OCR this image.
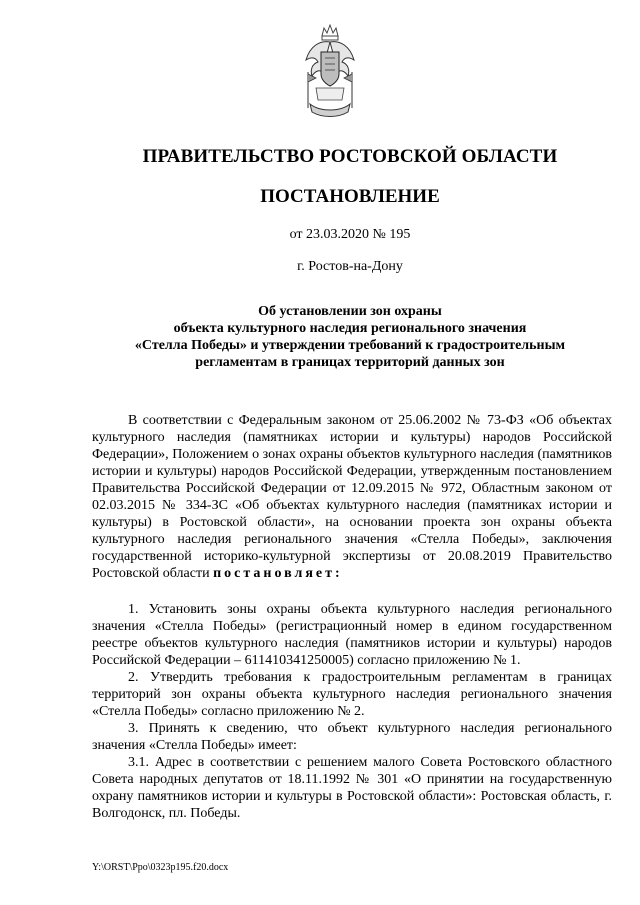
ПРАВИТЕЛЬСТВО РОСТОВСКОЙ ОБЛАСТИ
ПОСТАНОВЛЕНИЕ
от 23.03.2020 № 195
г. Ростов-на-Дону
Об установлении зон охраны
объекта культурного наследия регионального значения
«Стелла Победы» и утверждении требований к градостроительным
регламентам в границах территорий данных зон

В соответствии с Федеральным законом от 25.06.2002 № 73-ФЗ «Об объектах культурного наследия (памятниках истории и культуры) народов Российской Федерации», Положением о зонах охраны объектов культурного наследия (памятников истории и культуры) народов Российской Федерации, утвержденным постановлением Правительства Российской Федерации от 12.09.2015 № 972, Областным законом от 02.03.2015 № 334-ЗС «Об объектах культурного наследия (памятниках истории и культуры) в Ростовской области», на основании проекта зон охраны объекта культурного наследия регионального значения «Стелла Победы», заключения государственной историко-культурной экспертизы от 20.08.2019 Правительство Ростовской области постановляет:

1. Установить зоны охраны объекта культурного наследия регионального значения «Стелла Победы» (регистрационный номер в едином государственном реестре объектов культурного наследия (памятников истории и культуры) народов Российской Федерации – 611410341250005) согласно приложению № 1.

2. Утвердить требования к градостроительным регламентам в границах территорий зон охраны объекта культурного наследия регионального значения «Стелла Победы» согласно приложению № 2.

3. Принять к сведению, что объект культурного наследия регионального значения «Стелла Победы» имеет:

3.1. Адрес в соответствии с решением малого Совета Ростовского областного Совета народных депутатов от 18.11.1992 № 301 «О принятии на государственную охрану памятников истории и культуры в Ростовской области»: Ростовская область, г. Волгодонск, пл. Победы.

Y:\ORST\Ppo\0323p195.f20.docx
